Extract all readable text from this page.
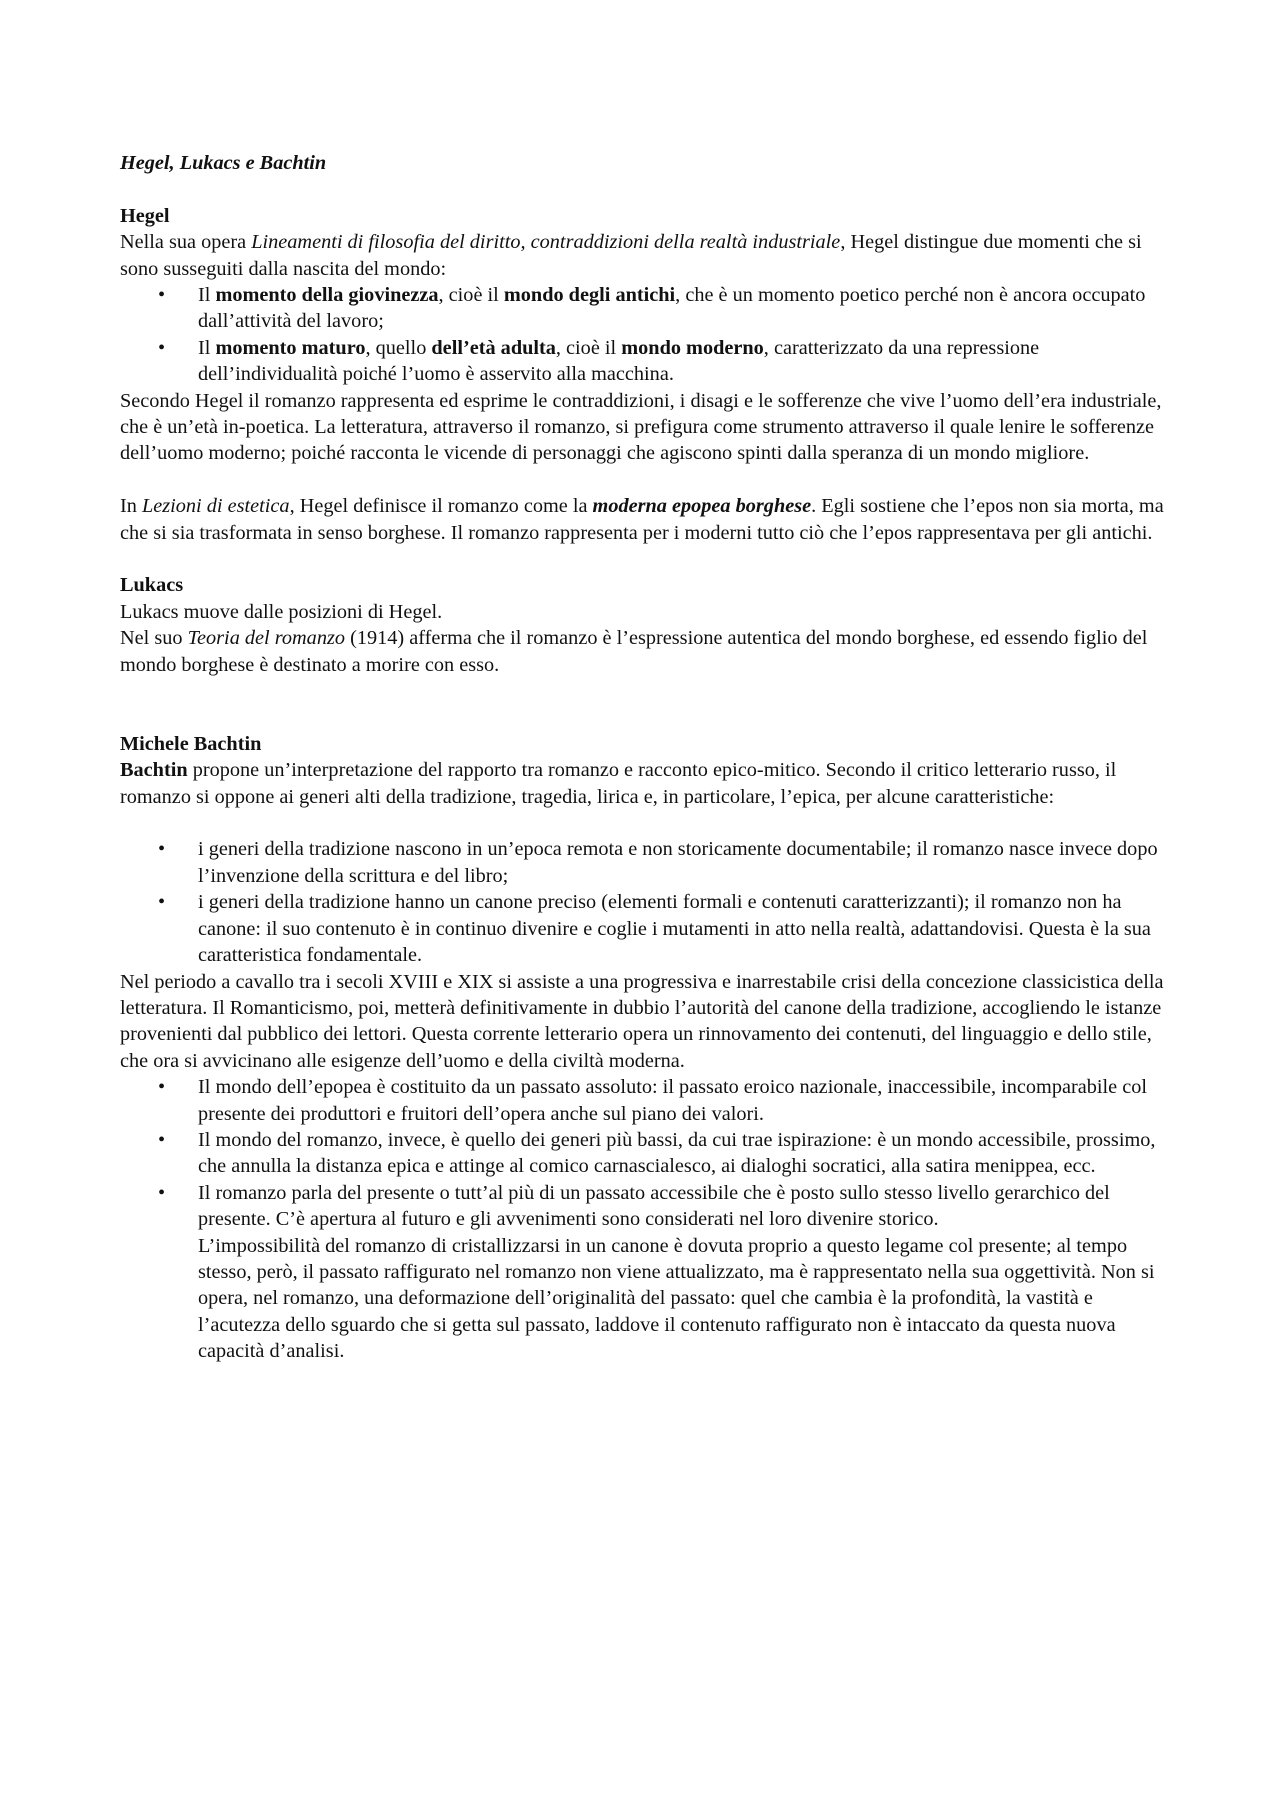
Hegel, Lukacs e Bachtin

Hegel

Nella sua opera Lineamenti di filosofia del diritto, contraddizioni della realtà industriale, Hegel distingue due momenti che si sono susseguiti dalla nascita del mondo:

• Il momento della giovinezza, cioè il mondo degli antichi, che è un momento poetico perché non è ancora occupato dall’attività del lavoro;
• Il momento maturo, quello dell’età adulta, cioè il mondo moderno, caratterizzato da una repressione dell’individualità poiché l’uomo è asservito alla macchina.

Secondo Hegel il romanzo rappresenta ed esprime le contraddizioni, i disagi e le sofferenze che vive l’uomo dell’era industriale, che è un’età in-poetica. La letteratura, attraverso il romanzo, si prefigura come strumento attraverso il quale lenire le sofferenze dell’uomo moderno; poiché racconta le vicende di personaggi che agiscono spinti dalla speranza di un mondo migliore.

In Lezioni di estetica, Hegel definisce il romanzo come la moderna epopea borghese. Egli sostiene che l’epos non sia morta, ma che si sia trasformata in senso borghese. Il romanzo rappresenta per i moderni tutto ciò che l’epos rappresentava per gli antichi.

Lukacs

Lukacs muove dalle posizioni di Hegel.

Nel suo Teoria del romanzo (1914) afferma che il romanzo è l’espressione autentica del mondo borghese, ed essendo figlio del mondo borghese è destinato a morire con esso.

Michele Bachtin

Bachtin propone un’interpretazione del rapporto tra romanzo e racconto epico-mitico. Secondo il critico letterario russo, il romanzo si oppone ai generi alti della tradizione, tragedia, lirica e, in particolare, l’epica, per alcune caratteristiche:

• i generi della tradizione nascono in un’epoca remota e non storicamente documentabile; il romanzo nasce invece dopo l’invenzione della scrittura e del libro;
• i generi della tradizione hanno un canone preciso (elementi formali e contenuti caratterizzanti); il romanzo non ha canone: il suo contenuto è in continuo divenire e coglie i mutamenti in atto nella realtà, adattandovisi. Questa è la sua caratteristica fondamentale.

Nel periodo a cavallo tra i secoli XVIII e XIX si assiste a una progressiva e inarrestabile crisi della concezione classicistica della letteratura. Il Romanticismo, poi, metterà definitivamente in dubbio l’autorità del canone della tradizione, accogliendo le istanze provenienti dal pubblico dei lettori. Questa corrente letterario opera un rinnovamento dei contenuti, del linguaggio e dello stile, che ora si avvicinano alle esigenze dell’uomo e della civiltà moderna.

• Il mondo dell’epopea è costituito da un passato assoluto: il passato eroico nazionale, inaccessibile, incomparabile col presente dei produttori e fruitori dell’opera anche sul piano dei valori.
• Il mondo del romanzo, invece, è quello dei generi più bassi, da cui trae ispirazione: è un mondo accessibile, prossimo, che annulla la distanza epica e attinge al comico carnascialesco, ai dialoghi socratici, alla satira menippea, ecc.
• Il romanzo parla del presente o tutt’al più di un passato accessibile che è posto sullo stesso livello gerarchico del presente. C’è apertura al futuro e gli avvenimenti sono considerati nel loro divenire storico.
L’impossibilità del romanzo di cristallizzarsi in un canone è dovuta proprio a questo legame col presente; al tempo stesso, però, il passato raffigurato nel romanzo non viene attualizzato, ma è rappresentato nella sua oggettività. Non si opera, nel romanzo, una deformazione dell’originalità del passato: quel che cambia è la profondità, la vastità e l’acutezza dello sguardo che si getta sul passato, laddove il contenuto raffigurato non è intaccato da questa nuova capacità d’analisi.
